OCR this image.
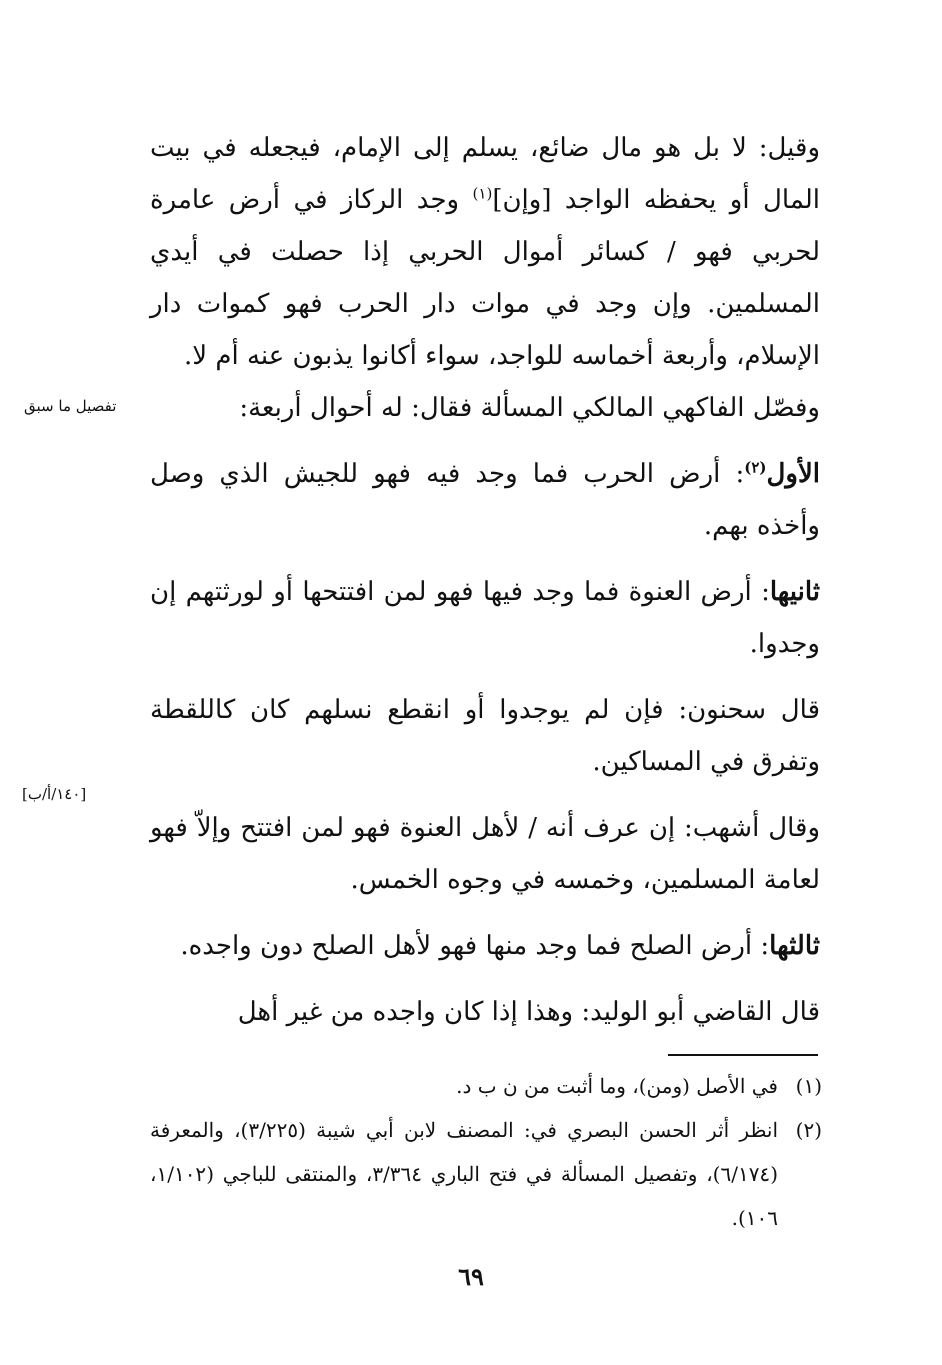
وقيل: لا بل هو مال ضائع، يسلم إلى الإمام، فيجعله في بيت المال أو يحفظه الواجد [وإن]$^{(١)}$ وجد الركاز في أرض عامرة لحربي فهو / كسائر أموال الحربي إذا حصلت في أيدي المسلمين. وإن وجد في موات دار الحرب فهو كموات دار الإسلام، وأربعة أخماسه للواجد، سواء أكانوا يذبون عنه أم لا.

وفصّل الفاكهي المالكي المسألة فقال: له أحوال أربعة:

الأول$^{(٢)}$: أرض الحرب فما وجد فيه فهو للجيش الذي وصل وأخذه بهم.

ثانيها: أرض العنوة فما وجد فيها فهو لمن افتتحها أو لورثتهم إن وجدوا.

قال سحنون: فإن لم يوجدوا أو انقطع نسلهم كان كاللقطة وتفرق في المساكين.

وقال أشهب: إن عرف أنه / لأهل العنوة فهو لمن افتتح وإلاّ فهو لعامة المسلمين، وخمسه في وجوه الخمس.

ثالثها: أرض الصلح فما وجد منها فهو لأهل الصلح دون واجده.

قال القاضي أبو الوليد: وهذا إذا كان واجده من غير أهل

تفصيل ما سبق
[١٤٠/أ/ب]

(١)
في الأصل (ومن)، وما أثبت من ن ب د.

(٢)
انظر أثر الحسن البصري في: المصنف لابن أبي شيبة (٣/٢٢٥)، والمعرفة (٦/١٧٤)، وتفصيل المسألة في فتح الباري ٣/٣٦٤، والمنتقى للباجي (١/١٠٢، ١٠٦).

٦٩
